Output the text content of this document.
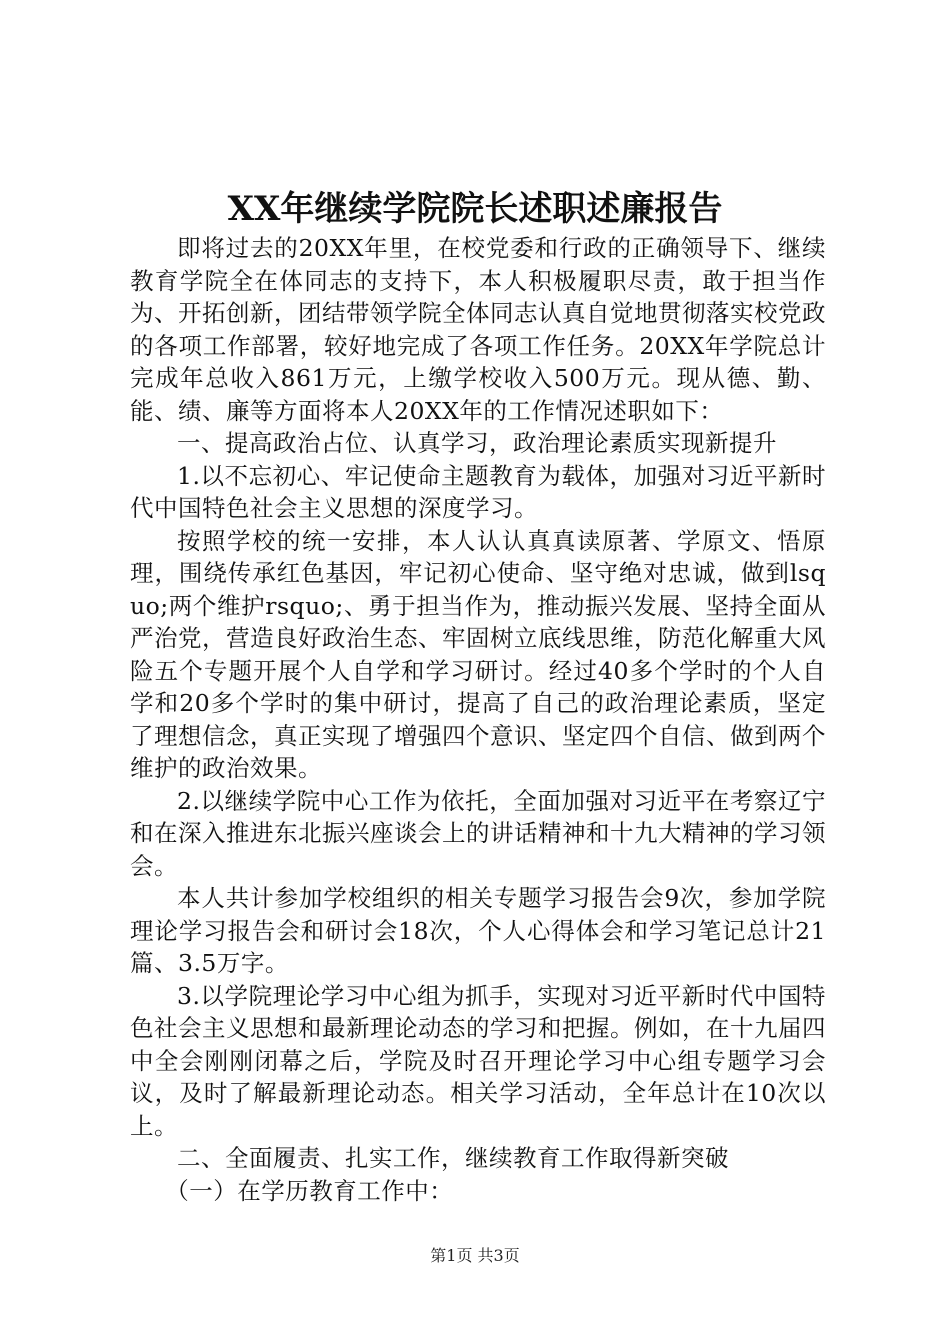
XX年继续学院院长述职述廉报告

即将过去的20XX年里，在校党委和行政的正确领导下、继续教育学院全在体同志的支持下，本人积极履职尽责，敢于担当作为、开拓创新，团结带领学院全体同志认真自觉地贯彻落实校党政的各项工作部署，较好地完成了各项工作任务。20XX年学院总计完成年总收入861万元，上缴学校收入500万元。现从德、勤、能、绩、廉等方面将本人20XX年的工作情况述职如下：

一、提高政治占位、认真学习，政治理论素质实现新提升

1.以不忘初心、牢记使命主题教育为载体，加强对习近平新时代中国特色社会主义思想的深度学习。

按照学校的统一安排，本人认认真真读原著、学原文、悟原理，围绕传承红色基因，牢记初心使命、坚守绝对忠诚，做到lsquo;两个维护rsquo;、勇于担当作为，推动振兴发展、坚持全面从严治党，营造良好政治生态、牢固树立底线思维，防范化解重大风险五个专题开展个人自学和学习研讨。经过40多个学时的个人自学和20多个学时的集中研讨，提高了自己的政治理论素质，坚定了理想信念，真正实现了增强四个意识、坚定四个自信、做到两个维护的政治效果。

2.以继续学院中心工作为依托，全面加强对习近平在考察辽宁和在深入推进东北振兴座谈会上的讲话精神和十九大精神的学习领会。

本人共计参加学校组织的相关专题学习报告会9次，参加学院理论学习报告会和研讨会18次，个人心得体会和学习笔记总计21篇、3.5万字。

3.以学院理论学习中心组为抓手，实现对习近平新时代中国特色社会主义思想和最新理论动态的学习和把握。例如，在十九届四中全会刚刚闭幕之后，学院及时召开理论学习中心组专题学习会议，及时了解最新理论动态。相关学习活动，全年总计在10次以上。

二、全面履责、扎实工作，继续教育工作取得新突破

（一）在学历教育工作中：

第1页 共3页
